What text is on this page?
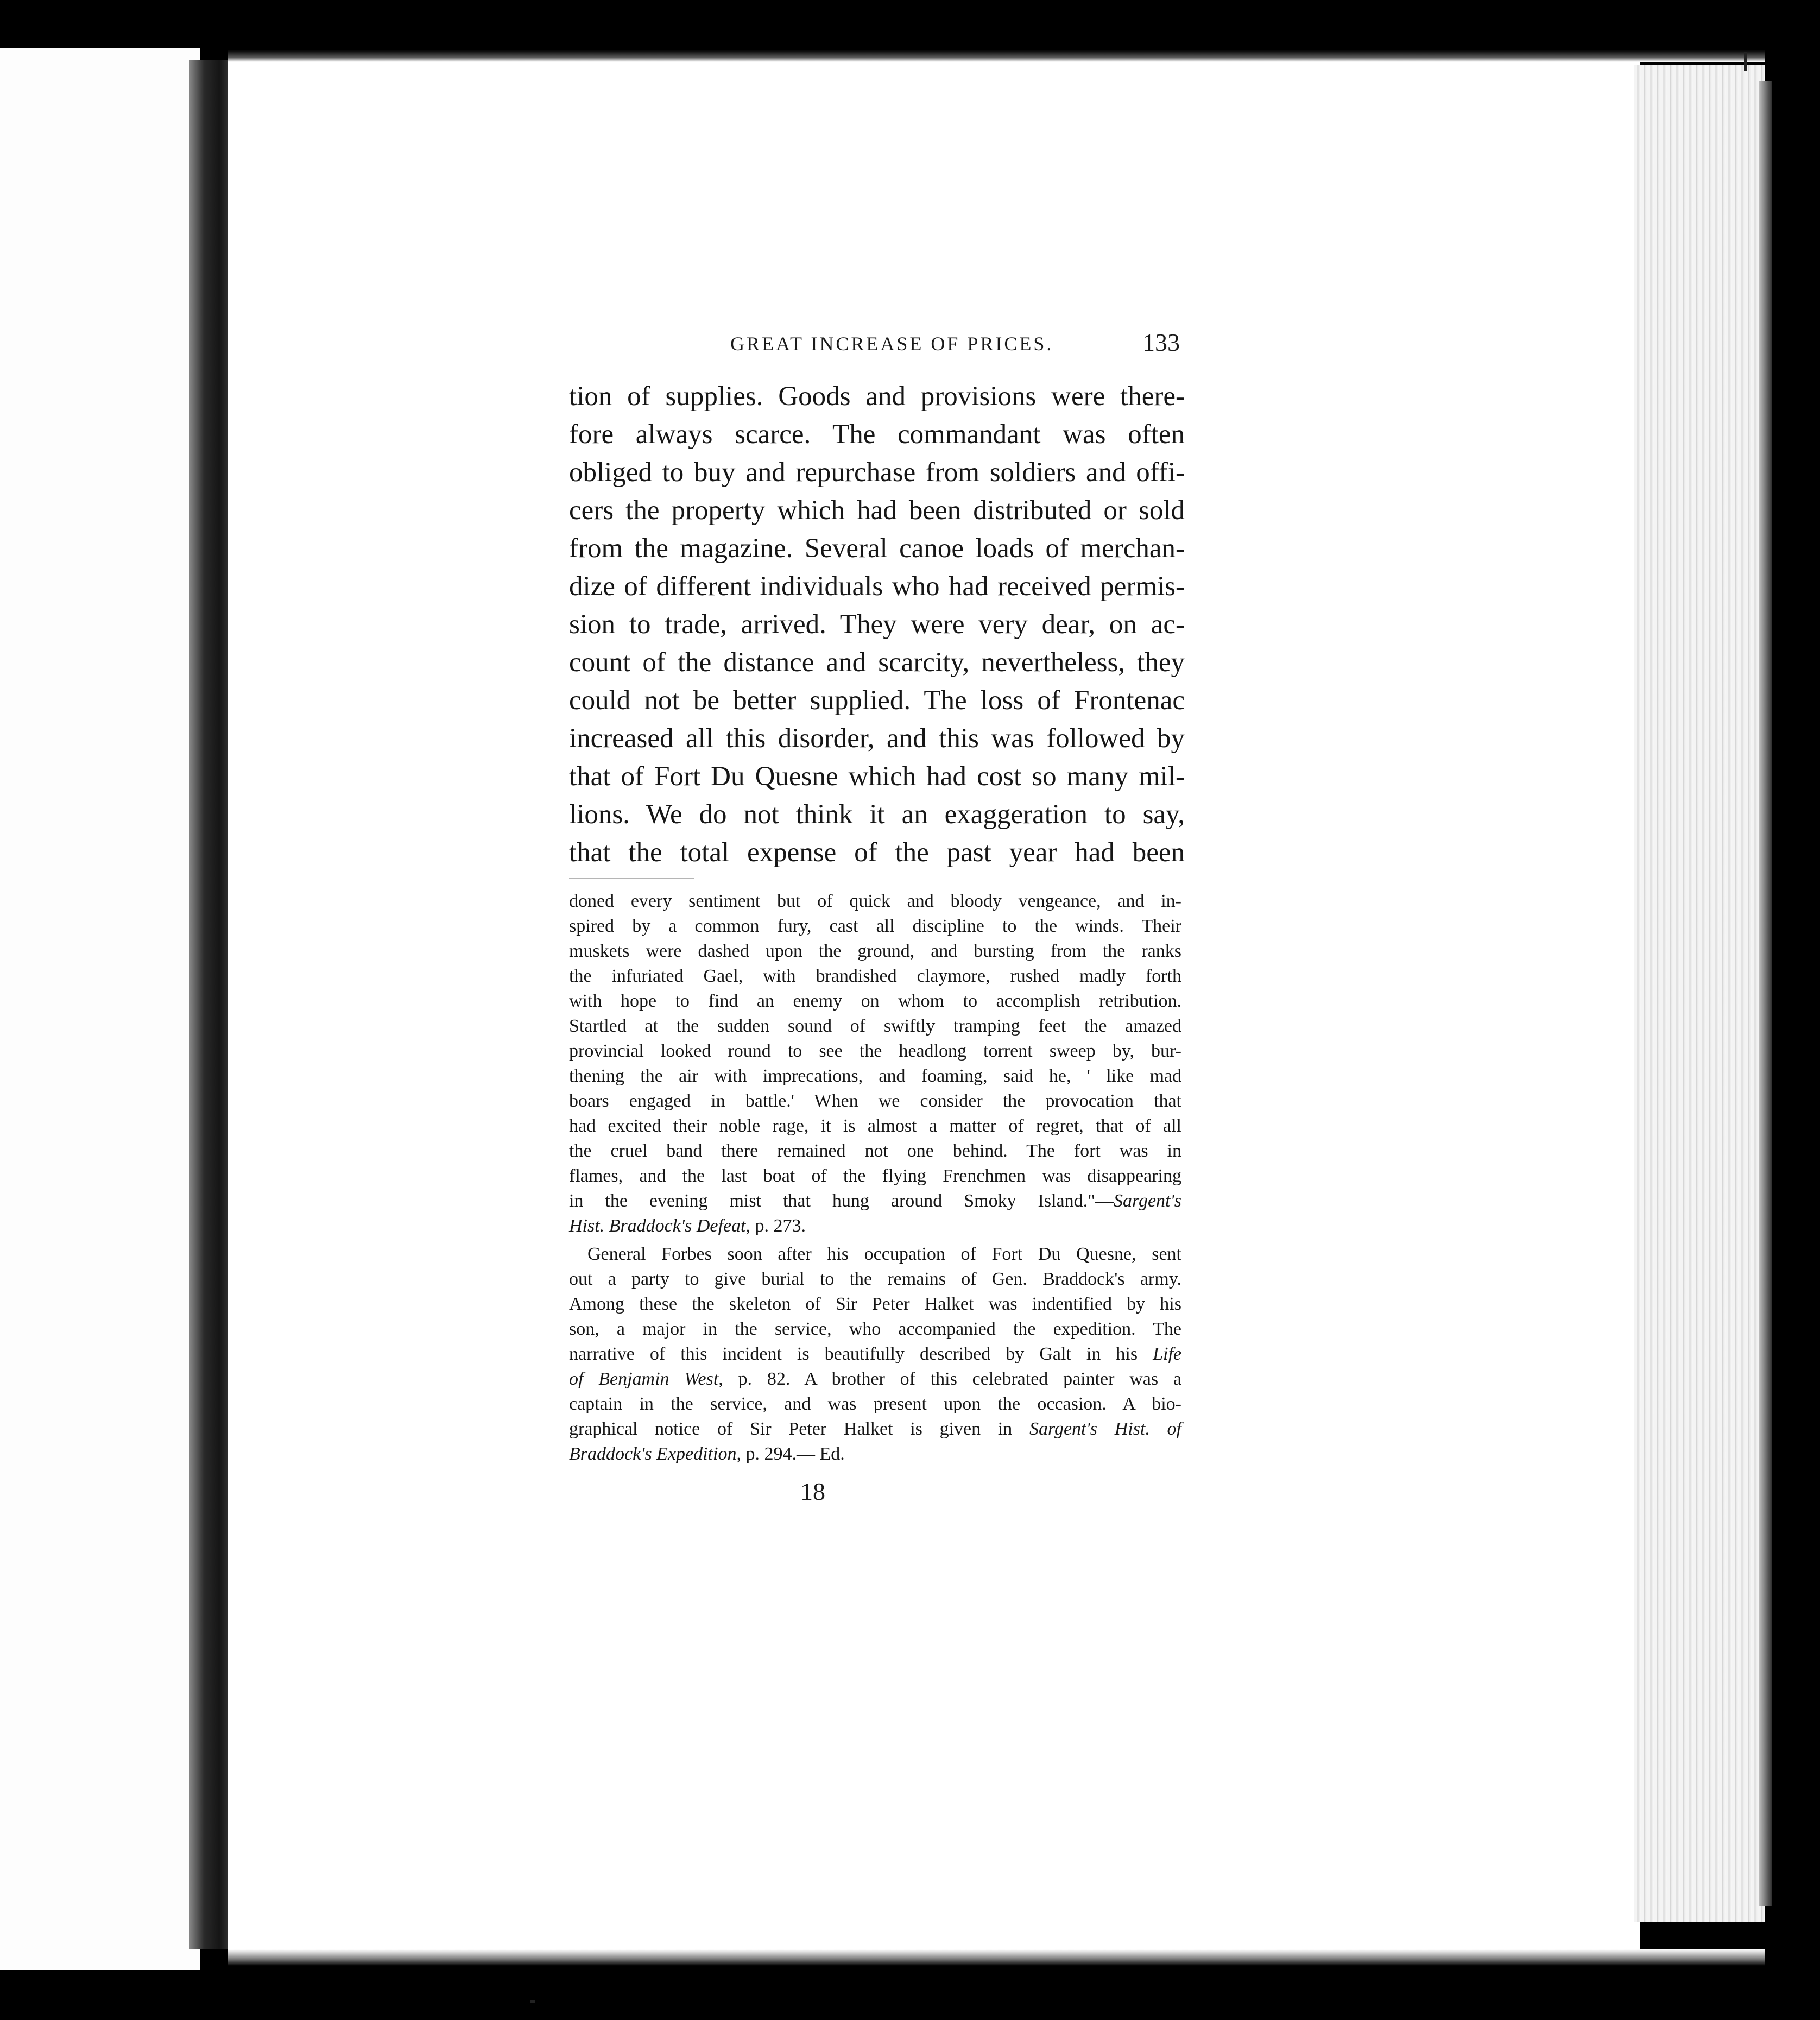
GREAT INCREASE OF PRICES.	133
tion of supplies. Goods and provisions were there-
fore always scarce. The commandant was often
obliged to buy and repurchase from soldiers and offi-
cers the property which had been distributed or sold
from the magazine. Several canoe loads of merchan-
dize of different individuals who had received permis-
sion to trade, arrived. They were very dear, on ac-
count of the distance and scarcity, nevertheless, they
could not be better supplied. The loss of Frontenac
increased all this disorder, and this was followed by
that of Fort Du Quesne which had cost so many mil-
lions. We do not think it an exaggeration to say,
that the total expense of the past year had been
doned every sentiment but of quick and bloody vengeance, and in-
spired by a common fury, cast all discipline to the winds. Their
muskets were dashed upon the ground, and bursting from the ranks
the infuriated Gael, with brandished claymore, rushed madly forth
with hope to find an enemy on whom to accomplish retribution.
Startled at the sudden sound of swiftly tramping feet the amazed
provincial looked round to see the headlong torrent sweep by, bur-
thening the air with imprecations, and foaming, said he, ' like mad
boars engaged in battle.' When we consider the provocation that
had excited their noble rage, it is almost a matter of regret, that of all
the cruel band there remained not one behind. The fort was in
flames, and the last boat of the flying Frenchmen was disappearing
in the evening mist that hung around Smoky Island."—Sargent's
Hist. Braddock's Defeat, p. 273.
General Forbes soon after his occupation of Fort Du Quesne, sent
out a party to give burial to the remains of Gen. Braddock's army.
Among these the skeleton of Sir Peter Halket was indentified by his
son, a major in the service, who accompanied the expedition. The
narrative of this incident is beautifully described by Galt in his Life
of Benjamin West, p. 82. A brother of this celebrated painter was a
captain in the service, and was present upon the occasion. A bio-
graphical notice of Sir Peter Halket is given in Sargent's Hist. of
Braddock's Expedition, p. 294.— Ed.
18
